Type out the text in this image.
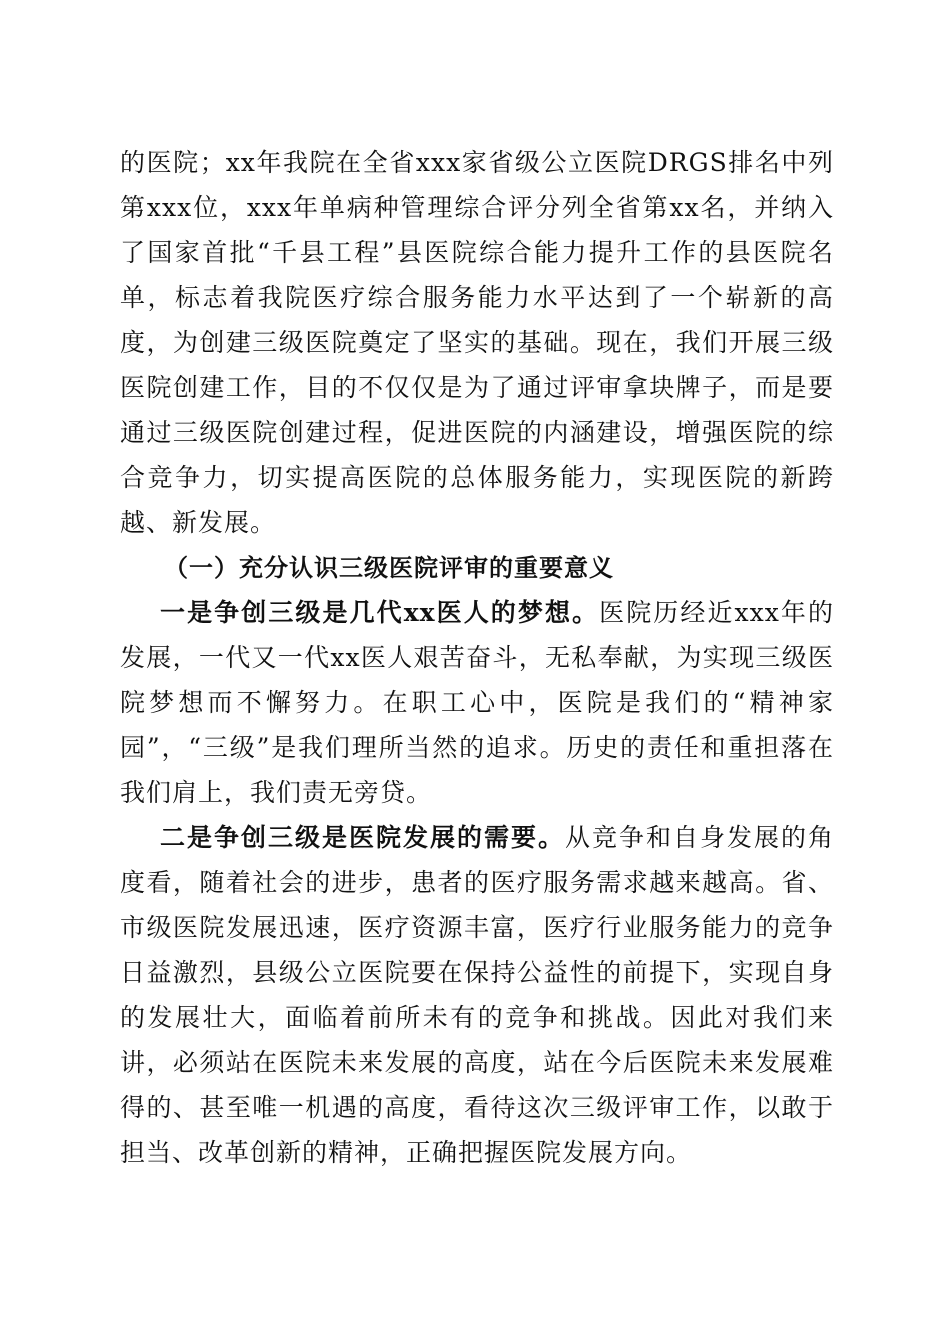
的医院；xx年我院在全省xxx家省级公立医院DRGS排名中列第xxx位，xxx年单病种管理综合评分列全省第xx名，并纳入了国家首批“千县工程”县医院综合能力提升工作的县医院名单，标志着我院医疗综合服务能力水平达到了一个崭新的高度，为创建三级医院奠定了坚实的基础。现在，我们开展三级医院创建工作，目的不仅仅是为了通过评审拿块牌子，而是要通过三级医院创建过程，促进医院的内涵建设，增强医院的综合竞争力，切实提高医院的总体服务能力，实现医院的新跨越、新发展。

（一）充分认识三级医院评审的重要意义

一是争创三级是几代xx医人的梦想。医院历经近xxx年的发展，一代又一代xx医人艰苦奋斗，无私奉献，为实现三级医院梦想而不懈努力。在职工心中，医院是我们的“精神家园”，“三级”是我们理所当然的追求。历史的责任和重担落在我们肩上，我们责无旁贷。

二是争创三级是医院发展的需要。从竞争和自身发展的角度看，随着社会的进步，患者的医疗服务需求越来越高。省、市级医院发展迅速，医疗资源丰富，医疗行业服务能力的竞争日益激烈，县级公立医院要在保持公益性的前提下，实现自身的发展壮大，面临着前所未有的竞争和挑战。因此对我们来讲，必须站在医院未来发展的高度，站在今后医院未来发展难得的、甚至唯一机遇的高度，看待这次三级评审工作，以敢于担当、改革创新的精神，正确把握医院发展方向。
